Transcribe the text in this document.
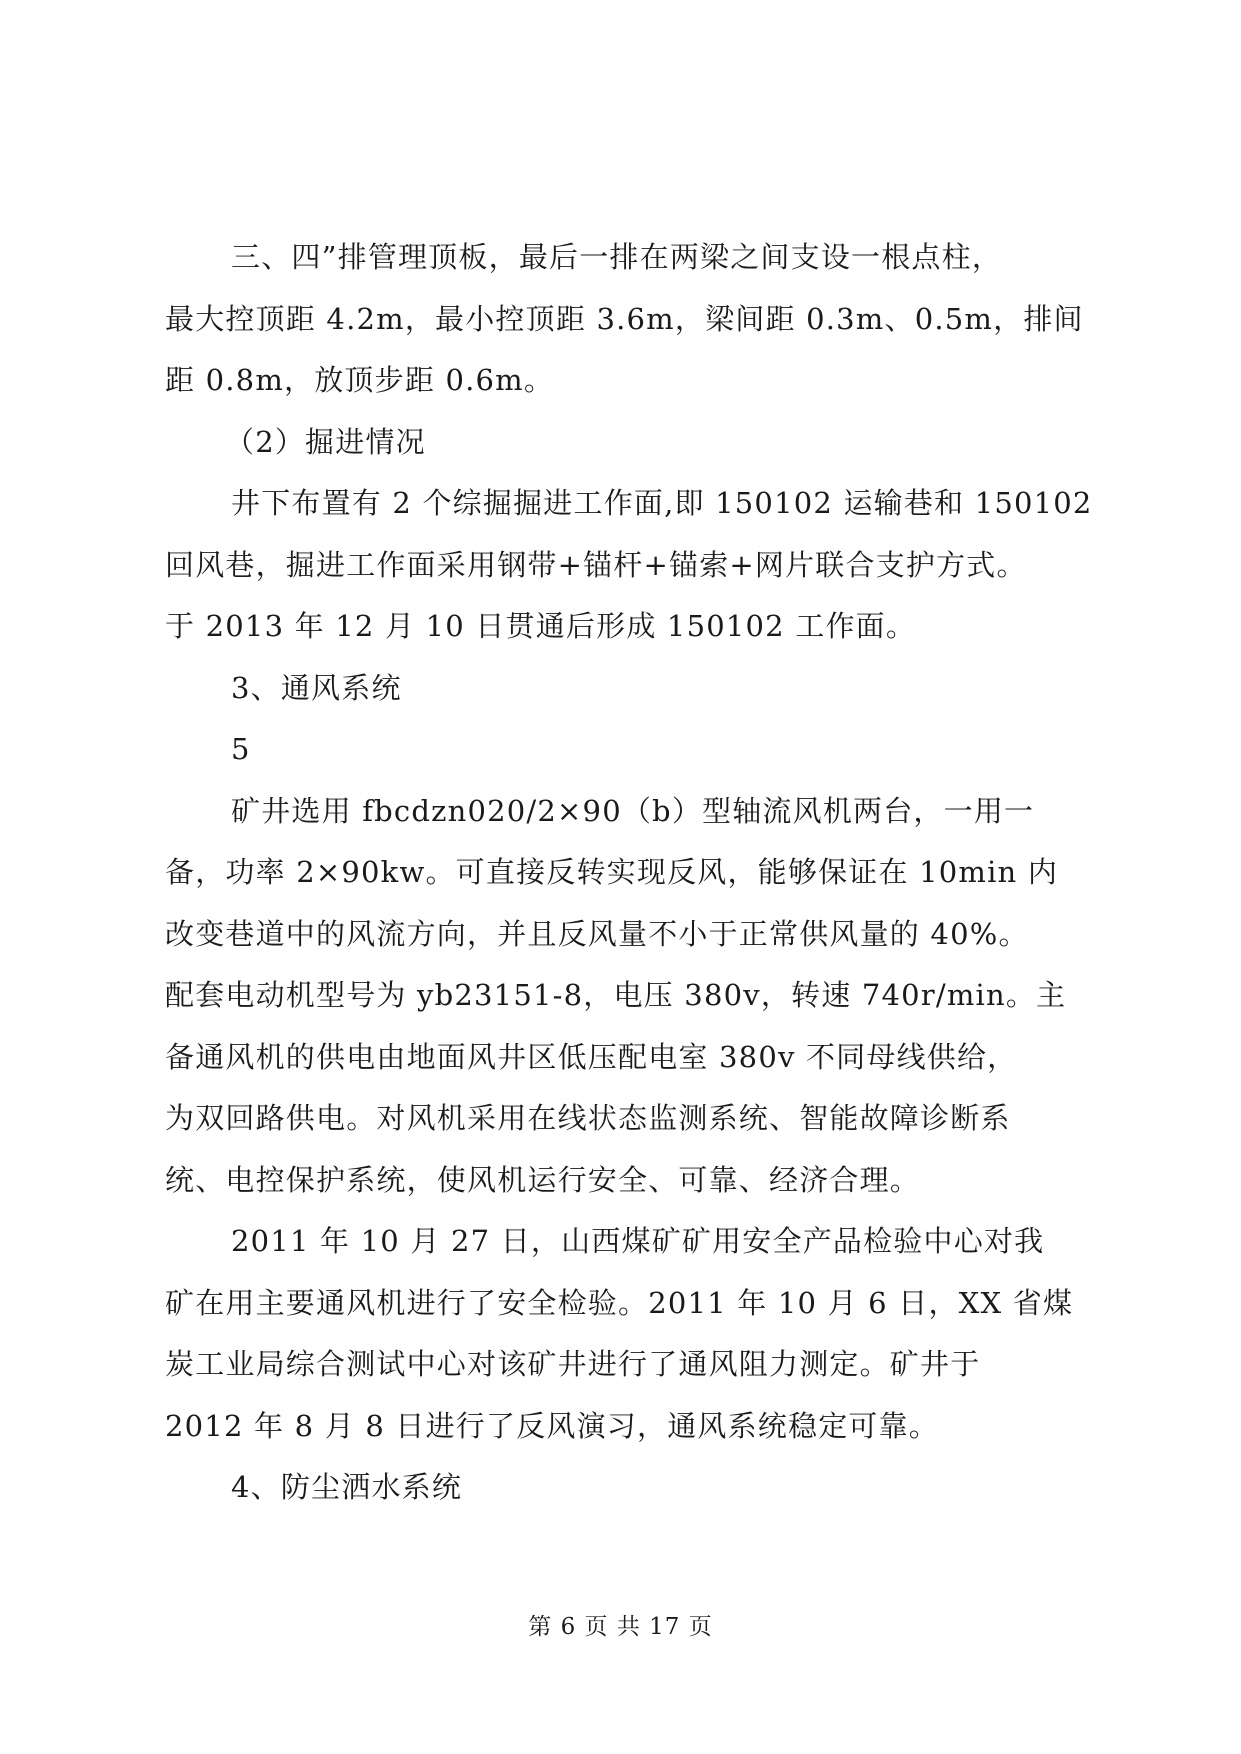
三、四”排管理顶板，最后一排在两梁之间支设一根点柱，
最大控顶距 4.2m，最小控顶距 3.6m，梁间距 0.3m、0.5m，排间
距 0.8m，放顶步距 0.6m。
（2）掘进情况
井下布置有 2 个综掘掘进工作面,即 150102 运输巷和 150102
回风巷，掘进工作面采用钢带+锚杆+锚索+网片联合支护方式。
于 2013 年 12 月 10 日贯通后形成 150102 工作面。
3、通风系统
5
矿井选用 fbcdzn020/2×90（b）型轴流风机两台，一用一
备，功率 2×90kw。可直接反转实现反风，能够保证在 10min 内
改变巷道中的风流方向，并且反风量不小于正常供风量的 40%。
配套电动机型号为 yb23151-8，电压 380v，转速 740r/min。主
备通风机的供电由地面风井区低压配电室 380v 不同母线供给，
为双回路供电。对风机采用在线状态监测系统、智能故障诊断系
统、电控保护系统，使风机运行安全、可靠、经济合理。
2011 年 10 月 27 日，山西煤矿矿用安全产品检验中心对我
矿在用主要通风机进行了安全检验。2011 年 10 月 6 日，XX 省煤
炭工业局综合测试中心对该矿井进行了通风阻力测定。矿井于
2012 年 8 月 8 日进行了反风演习，通风系统稳定可靠。
4、防尘洒水系统
第 6 页 共 17 页
